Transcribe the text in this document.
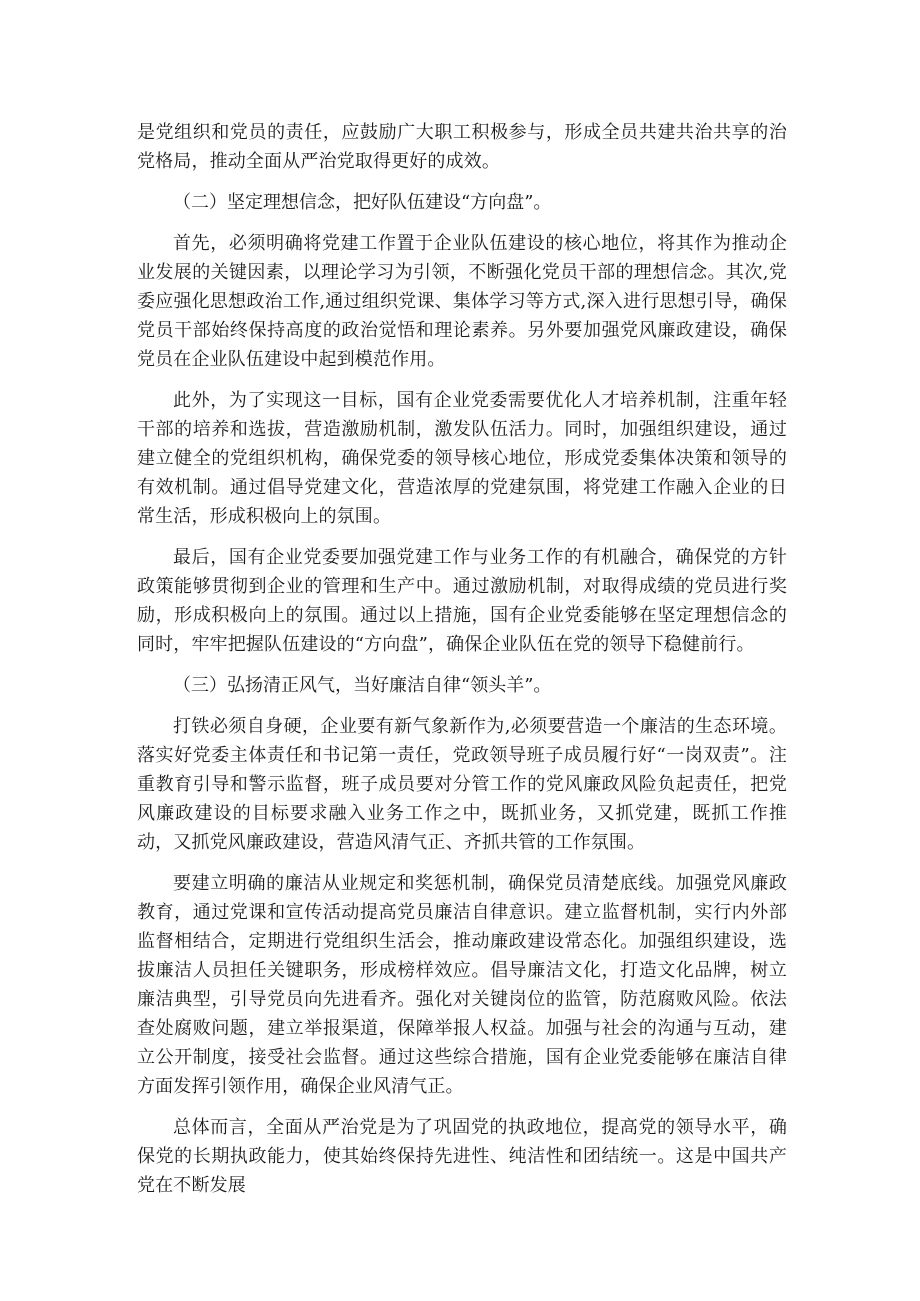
是党组织和党员的责任，应鼓励广大职工积极参与，形成全员共建共治共享的治党格局，推动全面从严治党取得更好的成效。

（二）坚定理想信念，把好队伍建设“方向盘”。

首先，必须明确将党建工作置于企业队伍建设的核心地位，将其作为推动企业发展的关键因素，以理论学习为引领，不断强化党员干部的理想信念。其次,党委应强化思想政治工作,通过组织党课、集体学习等方式,深入进行思想引导，确保党员干部始终保持高度的政治觉悟和理论素养。另外要加强党风廉政建设，确保党员在企业队伍建设中起到模范作用。

此外，为了实现这一目标，国有企业党委需要优化人才培养机制，注重年轻干部的培养和选拔，营造激励机制，激发队伍活力。同时，加强组织建设，通过建立健全的党组织机构，确保党委的领导核心地位，形成党委集体决策和领导的有效机制。通过倡导党建文化，营造浓厚的党建氛围，将党建工作融入企业的日常生活，形成积极向上的氛围。

最后，国有企业党委要加强党建工作与业务工作的有机融合，确保党的方针政策能够贯彻到企业的管理和生产中。通过激励机制，对取得成绩的党员进行奖励，形成积极向上的氛围。通过以上措施，国有企业党委能够在坚定理想信念的同时，牢牢把握队伍建设的“方向盘”，确保企业队伍在党的领导下稳健前行。

（三）弘扬清正风气，当好廉洁自律“领头羊”。

打铁必须自身硬，企业要有新气象新作为,必须要营造一个廉洁的生态环境。落实好党委主体责任和书记第一责任，党政领导班子成员履行好“一岗双责”。注重教育引导和警示监督，班子成员要对分管工作的党风廉政风险负起责任，把党风廉政建设的目标要求融入业务工作之中，既抓业务，又抓党建，既抓工作推动，又抓党风廉政建设，营造风清气正、齐抓共管的工作氛围。

要建立明确的廉洁从业规定和奖惩机制，确保党员清楚底线。加强党风廉政教育，通过党课和宣传活动提高党员廉洁自律意识。建立监督机制，实行内外部监督相结合，定期进行党组织生活会，推动廉政建设常态化。加强组织建设，选拔廉洁人员担任关键职务，形成榜样效应。倡导廉洁文化，打造文化品牌，树立廉洁典型，引导党员向先进看齐。强化对关键岗位的监管，防范腐败风险。依法查处腐败问题，建立举报渠道，保障举报人权益。加强与社会的沟通与互动，建立公开制度，接受社会监督。通过这些综合措施，国有企业党委能够在廉洁自律方面发挥引领作用，确保企业风清气正。

总体而言，全面从严治党是为了巩固党的执政地位，提高党的领导水平，确保党的长期执政能力，使其始终保持先进性、纯洁性和团结统一。这是中国共产党在不断发展
